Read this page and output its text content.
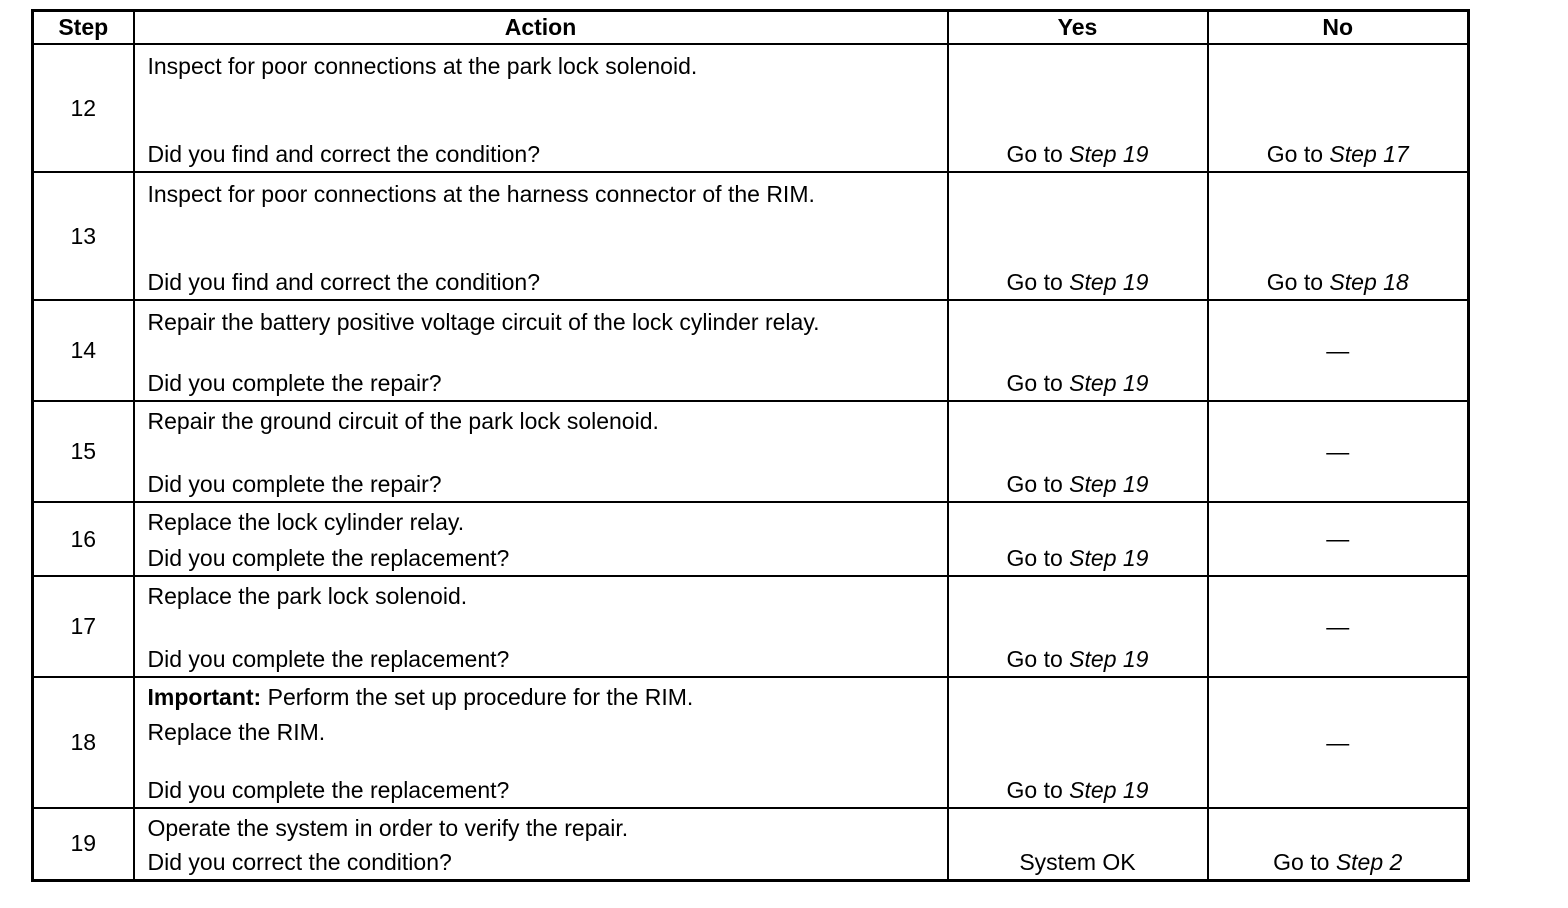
Step	Action	Yes	No
12	Inspect for poor connections at the park lock solenoid.
Did you find and correct the condition?	Go to Step 19	Go to Step 17

13	Inspect for poor connections at the harness connector of the RIM.
Did you find and correct the condition?	Go to Step 19	Go to Step 18

14	Repair the battery positive voltage circuit of the lock cylinder relay.
Did you complete the repair?	Go to Step 19	—

15	Repair the ground circuit of the park lock solenoid.
Did you complete the repair?	Go to Step 19	—

16	Replace the lock cylinder relay.
Did you complete the replacement?	Go to Step 19	—

17	Replace the park lock solenoid.
Did you complete the replacement?	Go to Step 19	—

18	Important: Perform the set up procedure for the RIM.
Replace the RIM.
Did you complete the replacement?	Go to Step 19	—

19	Operate the system in order to verify the repair.
Did you correct the condition?	System OK	Go to Step 2
